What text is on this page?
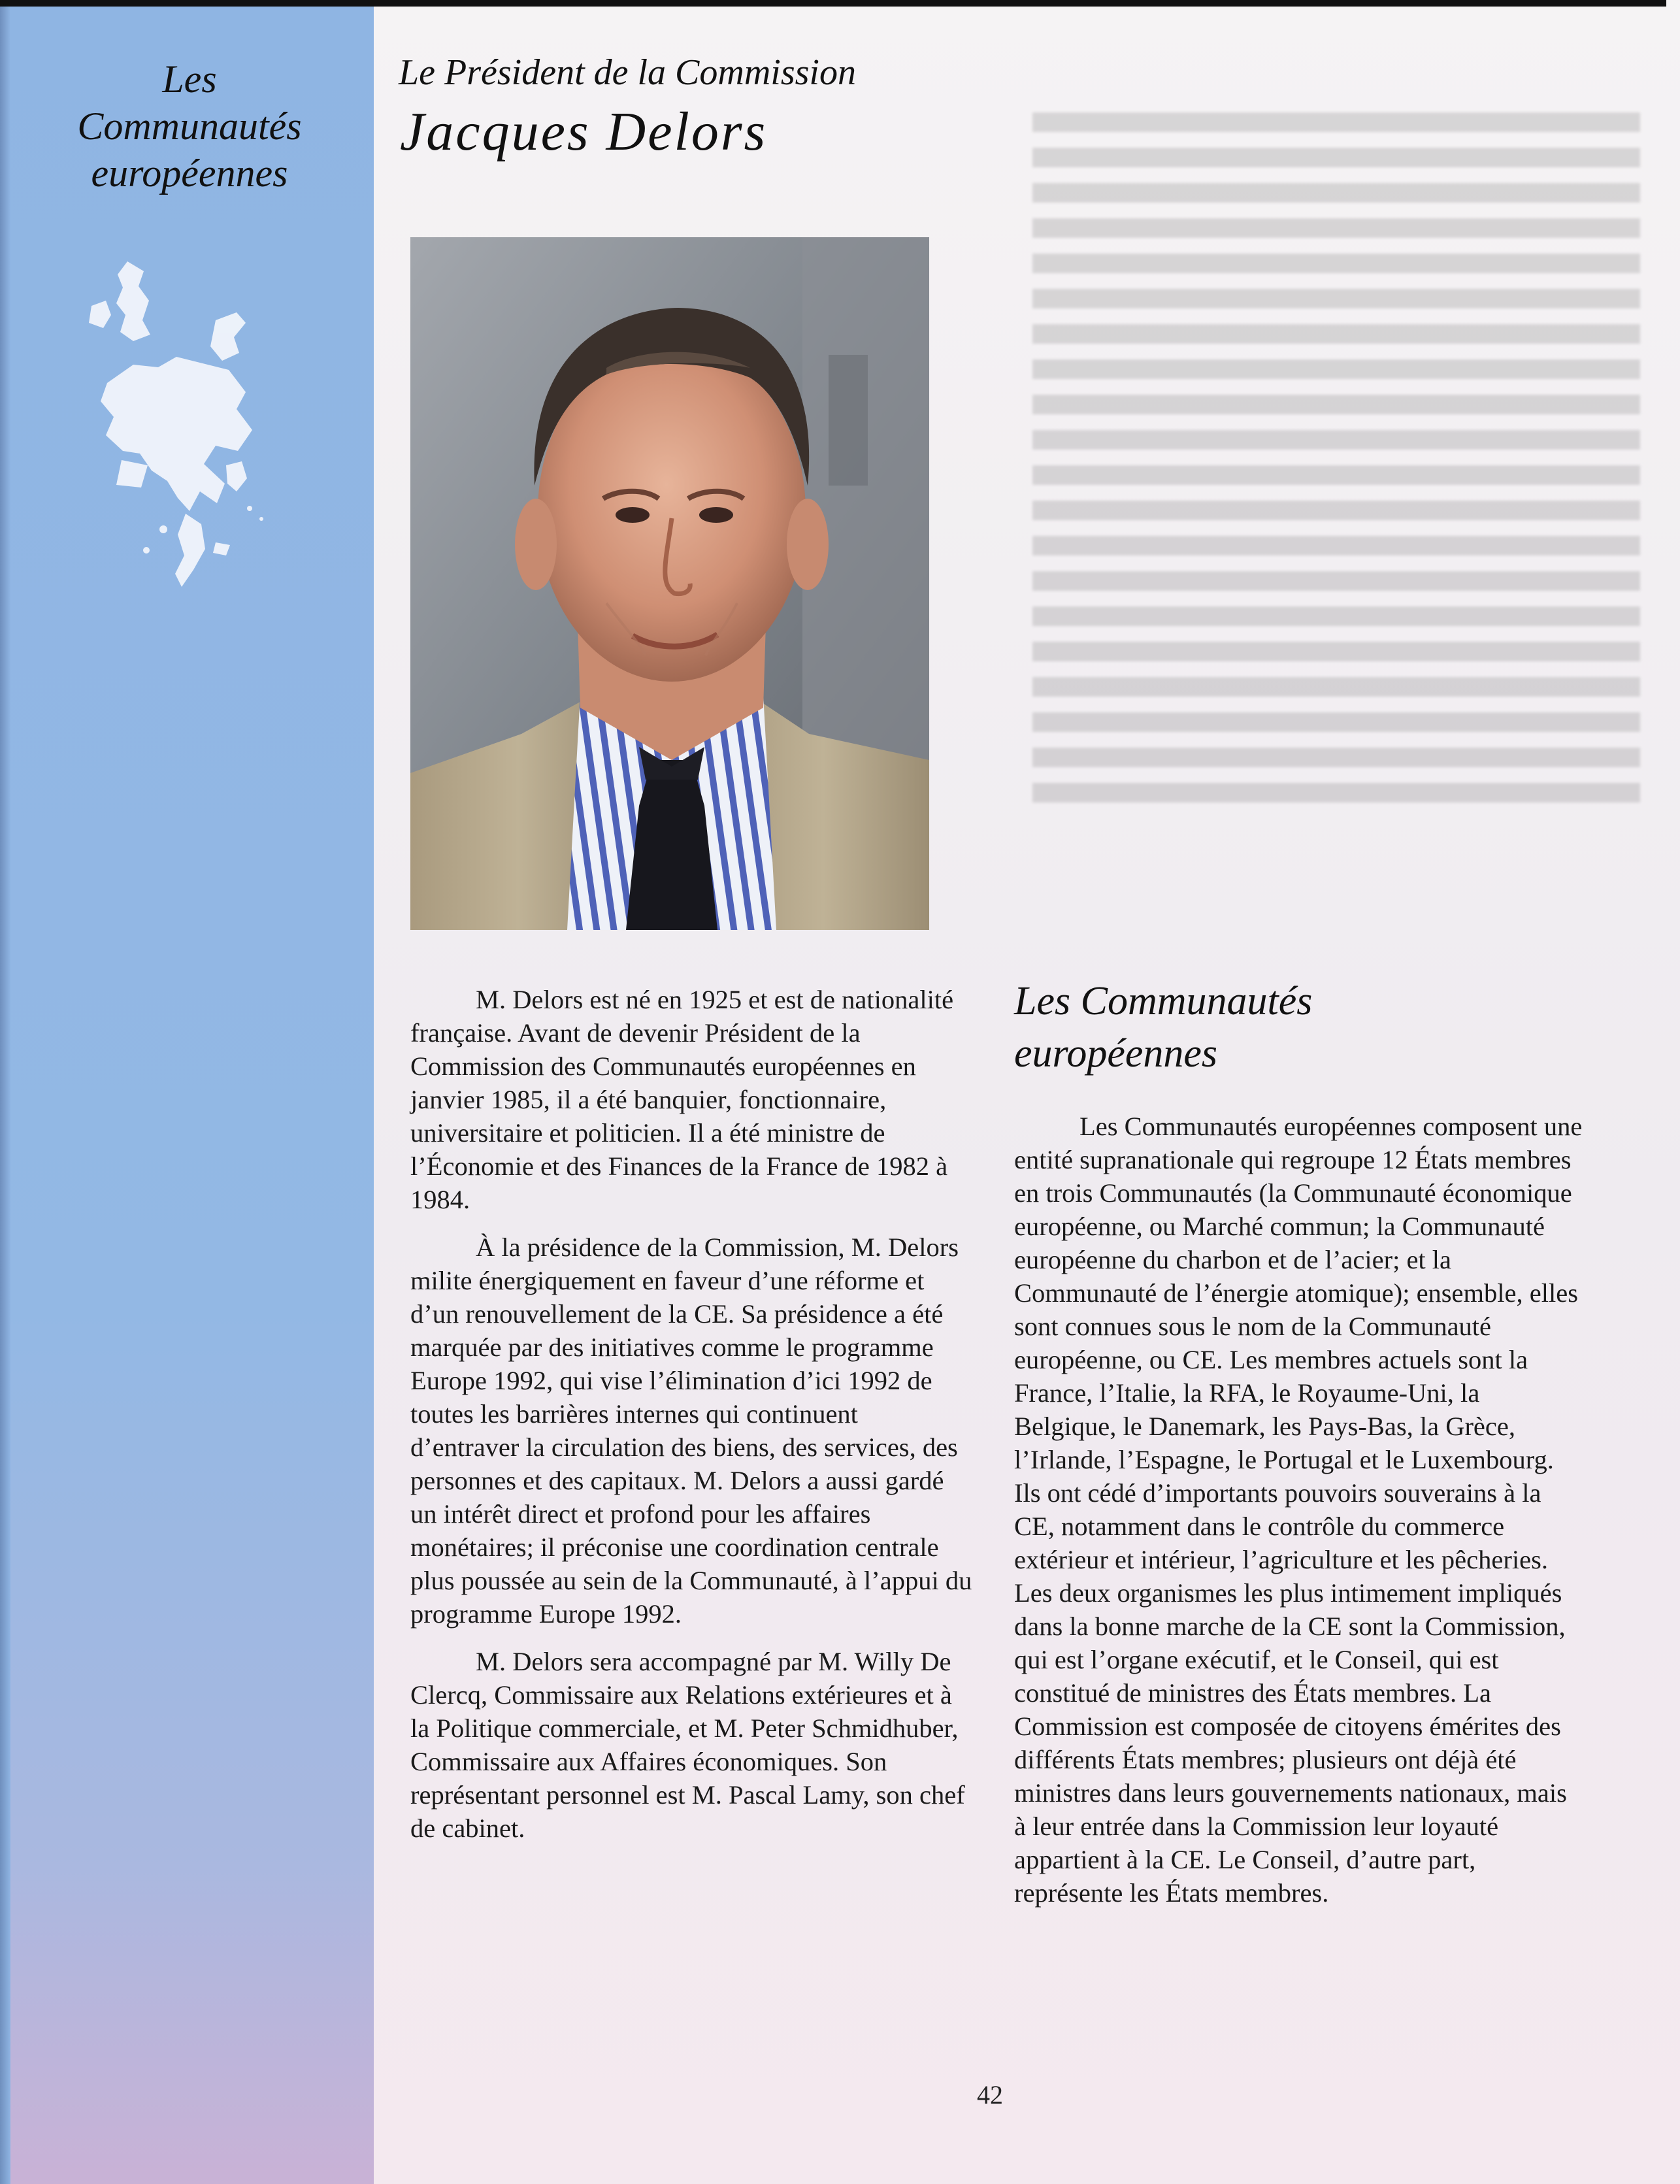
Les
Communautés
européennes
Le Président de la Commission
Jacques Delors

M. Delors est né en 1925 et est de nationalité française. Avant de devenir Président de la Commission des Communautés européennes en janvier 1985, il a été banquier, fonctionnaire, universitaire et politicien. Il a été ministre de l’Économie et des Finances de la France de 1982 à 1984.

À la présidence de la Commission, M. Delors milite énergiquement en faveur d’une réforme et d’un renouvellement de la CE. Sa présidence a été marquée par des initiatives comme le programme Europe 1992, qui vise l’élimination d’ici 1992 de toutes les barrières internes qui continuent d’entraver la circulation des biens, des services, des personnes et des capitaux. M. Delors a aussi gardé un intérêt direct et profond pour les affaires monétaires; il préconise une coordination centrale plus poussée au sein de la Communauté, à l’appui du programme Europe 1992.

M. Delors sera accompagné par M. Willy De Clercq, Commissaire aux Relations extérieures et à la Politique commerciale, et M. Peter Schmidhuber, Commissaire aux Affaires économiques. Son représentant personnel est M. Pascal Lamy, son chef de cabinet.

Les Communautés
européennes

Les Communautés européennes composent une entité supranationale qui regroupe 12 États membres en trois Communautés (la Communauté économique européenne, ou Marché commun; la Communauté européenne du charbon et de l’acier; et la Communauté de l’énergie atomique); ensemble, elles sont connues sous le nom de la Communauté européenne, ou CE. Les membres actuels sont la France, l’Italie, la RFA, le Royaume-Uni, la Belgique, le Danemark, les Pays-Bas, la Grèce, l’Irlande, l’Espagne, le Portugal et le Luxembourg. Ils ont cédé d’importants pouvoirs souverains à la CE, notamment dans le contrôle du commerce extérieur et intérieur, l’agriculture et les pêcheries. Les deux organismes les plus intimement impliqués dans la bonne marche de la CE sont la Commission, qui est l’organe exécutif, et le Conseil, qui est constitué de ministres des États membres. La Commission est composée de citoyens émérites des différents États membres; plusieurs ont déjà été ministres dans leurs gouvernements nationaux, mais à leur entrée dans la Commission leur loyauté appartient à la CE. Le Conseil, d’autre part, représente les États membres.

42
